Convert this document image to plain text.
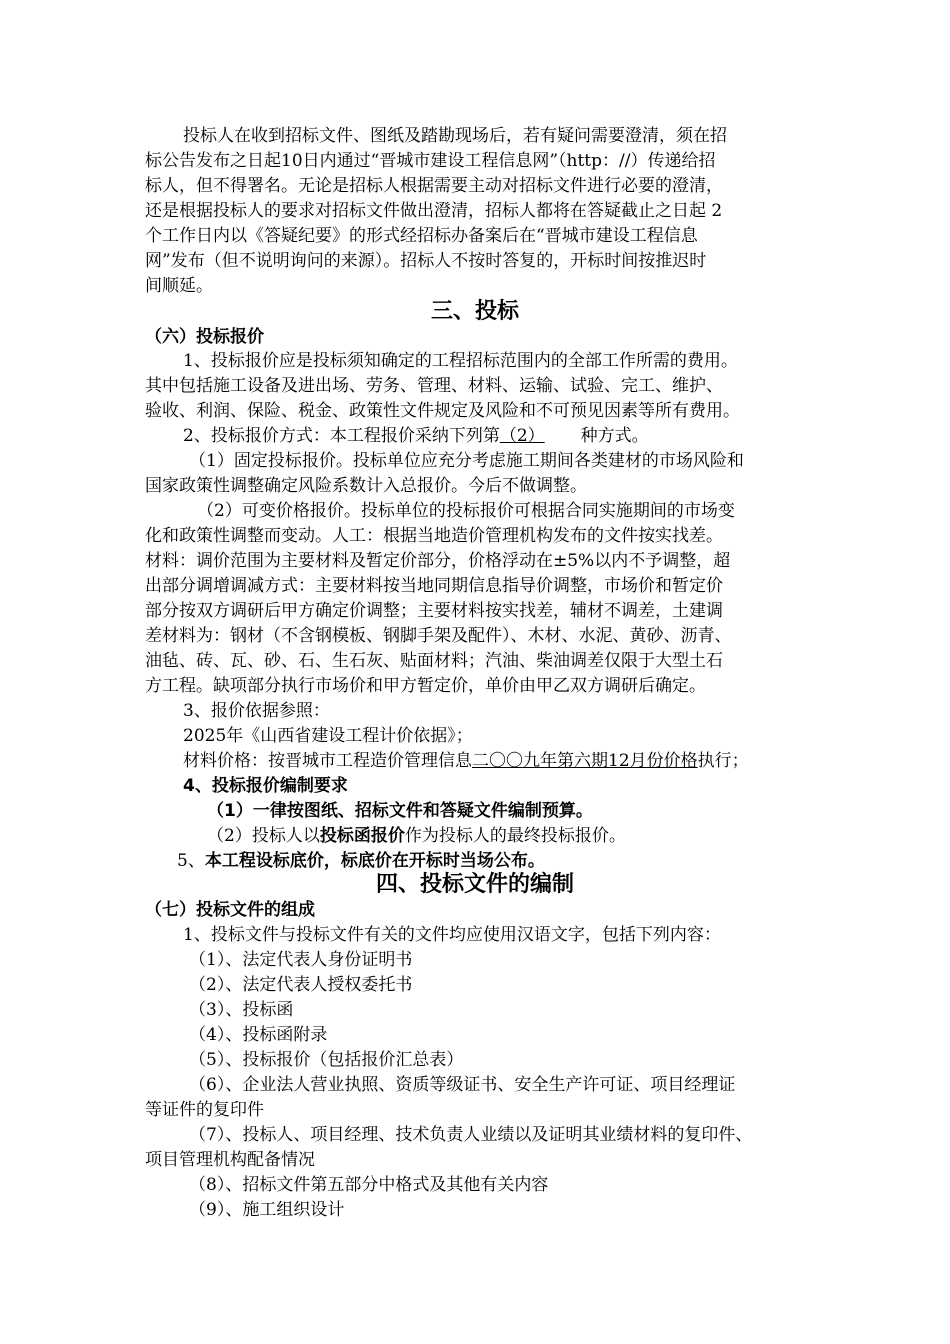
投标人在收到招标文件、图纸及踏勘现场后，若有疑问需要澄清，须在招
标公告发布之日起10日内通过“晋城市建设工程信息网”（http：//）传递给招
标人，但不得署名。无论是招标人根据需要主动对招标文件进行必要的澄清，
还是根据投标人的要求对招标文件做出澄清，招标人都将在答疑截止之日起 2
个工作日内以《答疑纪要》的形式经招标办备案后在“晋城市建设工程信息
网”发布（但不说明询问的来源）。招标人不按时答复的，开标时间按推迟时
间顺延。
三、投标
（六）投标报价
1、投标报价应是投标须知确定的工程招标范围内的全部工作所需的费用。
其中包括施工设备及进出场、劳务、管理、材料、运输、试验、完工、维护、
验收、利润、保险、税金、政策性文件规定及风险和不可预见因素等所有费用。
2、投标报价方式：本工程报价采纳下列第（2） 种方式。
（1）固定投标报价。投标单位应充分考虑施工期间各类建材的市场风险和
国家政策性调整确定风险系数计入总报价。今后不做调整。
（2）可变价格报价。投标单位的投标报价可根据合同实施期间的市场变
化和政策性调整而变动。人工：根据当地造价管理机构发布的文件按实找差。
材料：调价范围为主要材料及暂定价部分，价格浮动在±5%以内不予调整，超
出部分调增调减方式：主要材料按当地同期信息指导价调整，市场价和暂定价
部分按双方调研后甲方确定价调整；主要材料按实找差，辅材不调差，土建调
差材料为：钢材（不含钢模板、钢脚手架及配件）、木材、水泥、黄砂、沥青、
油毡、砖、瓦、砂、石、生石灰、贴面材料；汽油、柴油调差仅限于大型土石
方工程。缺项部分执行市场价和甲方暂定价，单价由甲乙双方调研后确定。
3、报价依据参照：
2025年《山西省建设工程计价依据》；
材料价格：按晋城市工程造价管理信息二〇〇九年第六期12月份价格执行；
4、投标报价编制要求
（1）一律按图纸、招标文件和答疑文件编制预算。
（2）投标人以投标函报价作为投标人的最终投标报价。
5、本工程设标底价，标底价在开标时当场公布。
四、投标文件的编制
（七）投标文件的组成
1、投标文件与投标文件有关的文件均应使用汉语文字，包括下列内容：
（1）、法定代表人身份证明书
（2）、法定代表人授权委托书
（3）、投标函
（4）、投标函附录
（5）、投标报价（包括报价汇总表）
（6）、企业法人营业执照、资质等级证书、安全生产许可证、项目经理证
等证件的复印件
（7）、投标人、项目经理、技术负责人业绩以及证明其业绩材料的复印件、
项目管理机构配备情况
（8）、招标文件第五部分中格式及其他有关内容
（9）、施工组织设计
